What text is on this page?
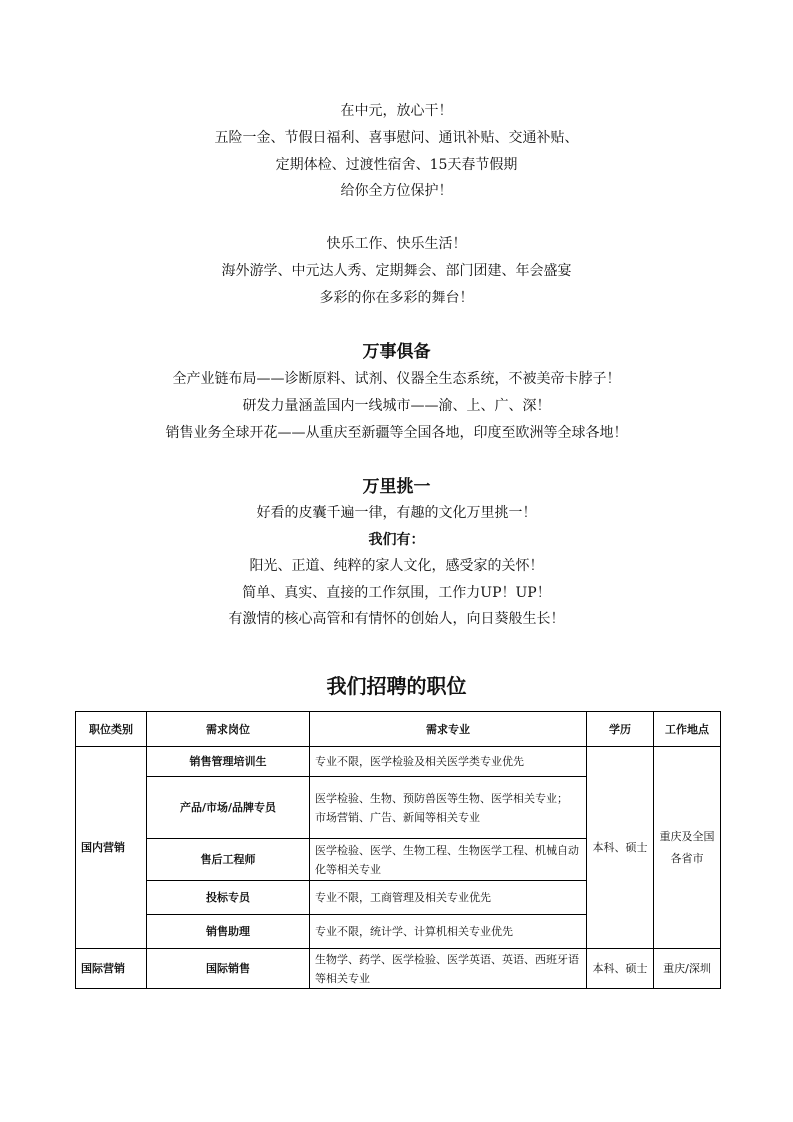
在中元，放心干！
五险一金、节假日福利、喜事慰问、通讯补贴、交通补贴、
定期体检、过渡性宿舍、15天春节假期
给你全方位保护！
快乐工作、快乐生活！
海外游学、中元达人秀、定期舞会、部门团建、年会盛宴
多彩的你在多彩的舞台！
万事俱备
全产业链布局——诊断原料、试剂、仪器全生态系统，不被美帝卡脖子！
研发力量涵盖国内一线城市——渝、上、广、深！
销售业务全球开花——从重庆至新疆等全国各地，印度至欧洲等全球各地！
万里挑一
好看的皮囊千遍一律，有趣的文化万里挑一！
我们有：
阳光、正道、纯粹的家人文化，感受家的关怀！
简单、真实、直接的工作氛围，工作力UP！UP！
有激情的核心高管和有情怀的创始人，向日葵般生长！
我们招聘的职位
职位类别	需求岗位	需求专业	学历	工作地点
国内营销	销售管理培训生	专业不限，医学检验及相关医学类专业优先	本科、硕士	重庆及全国各省市
	产品/市场/品牌专员	医学检验、生物、预防兽医等生物、医学相关专业；
市场营销、广告、新闻等相关专业		

	售后工程师	医学检验、医学、生物工程、生物医学工程、机械自动化等相关专业		
	投标专员	专业不限，工商管理及相关专业优先		
	销售助理	专业不限，统计学、计算机相关专业优先		
国际营销	国际销售	生物学、药学、医学检验、医学英语、英语、西班牙语等相关专业	本科、硕士	重庆/深圳
